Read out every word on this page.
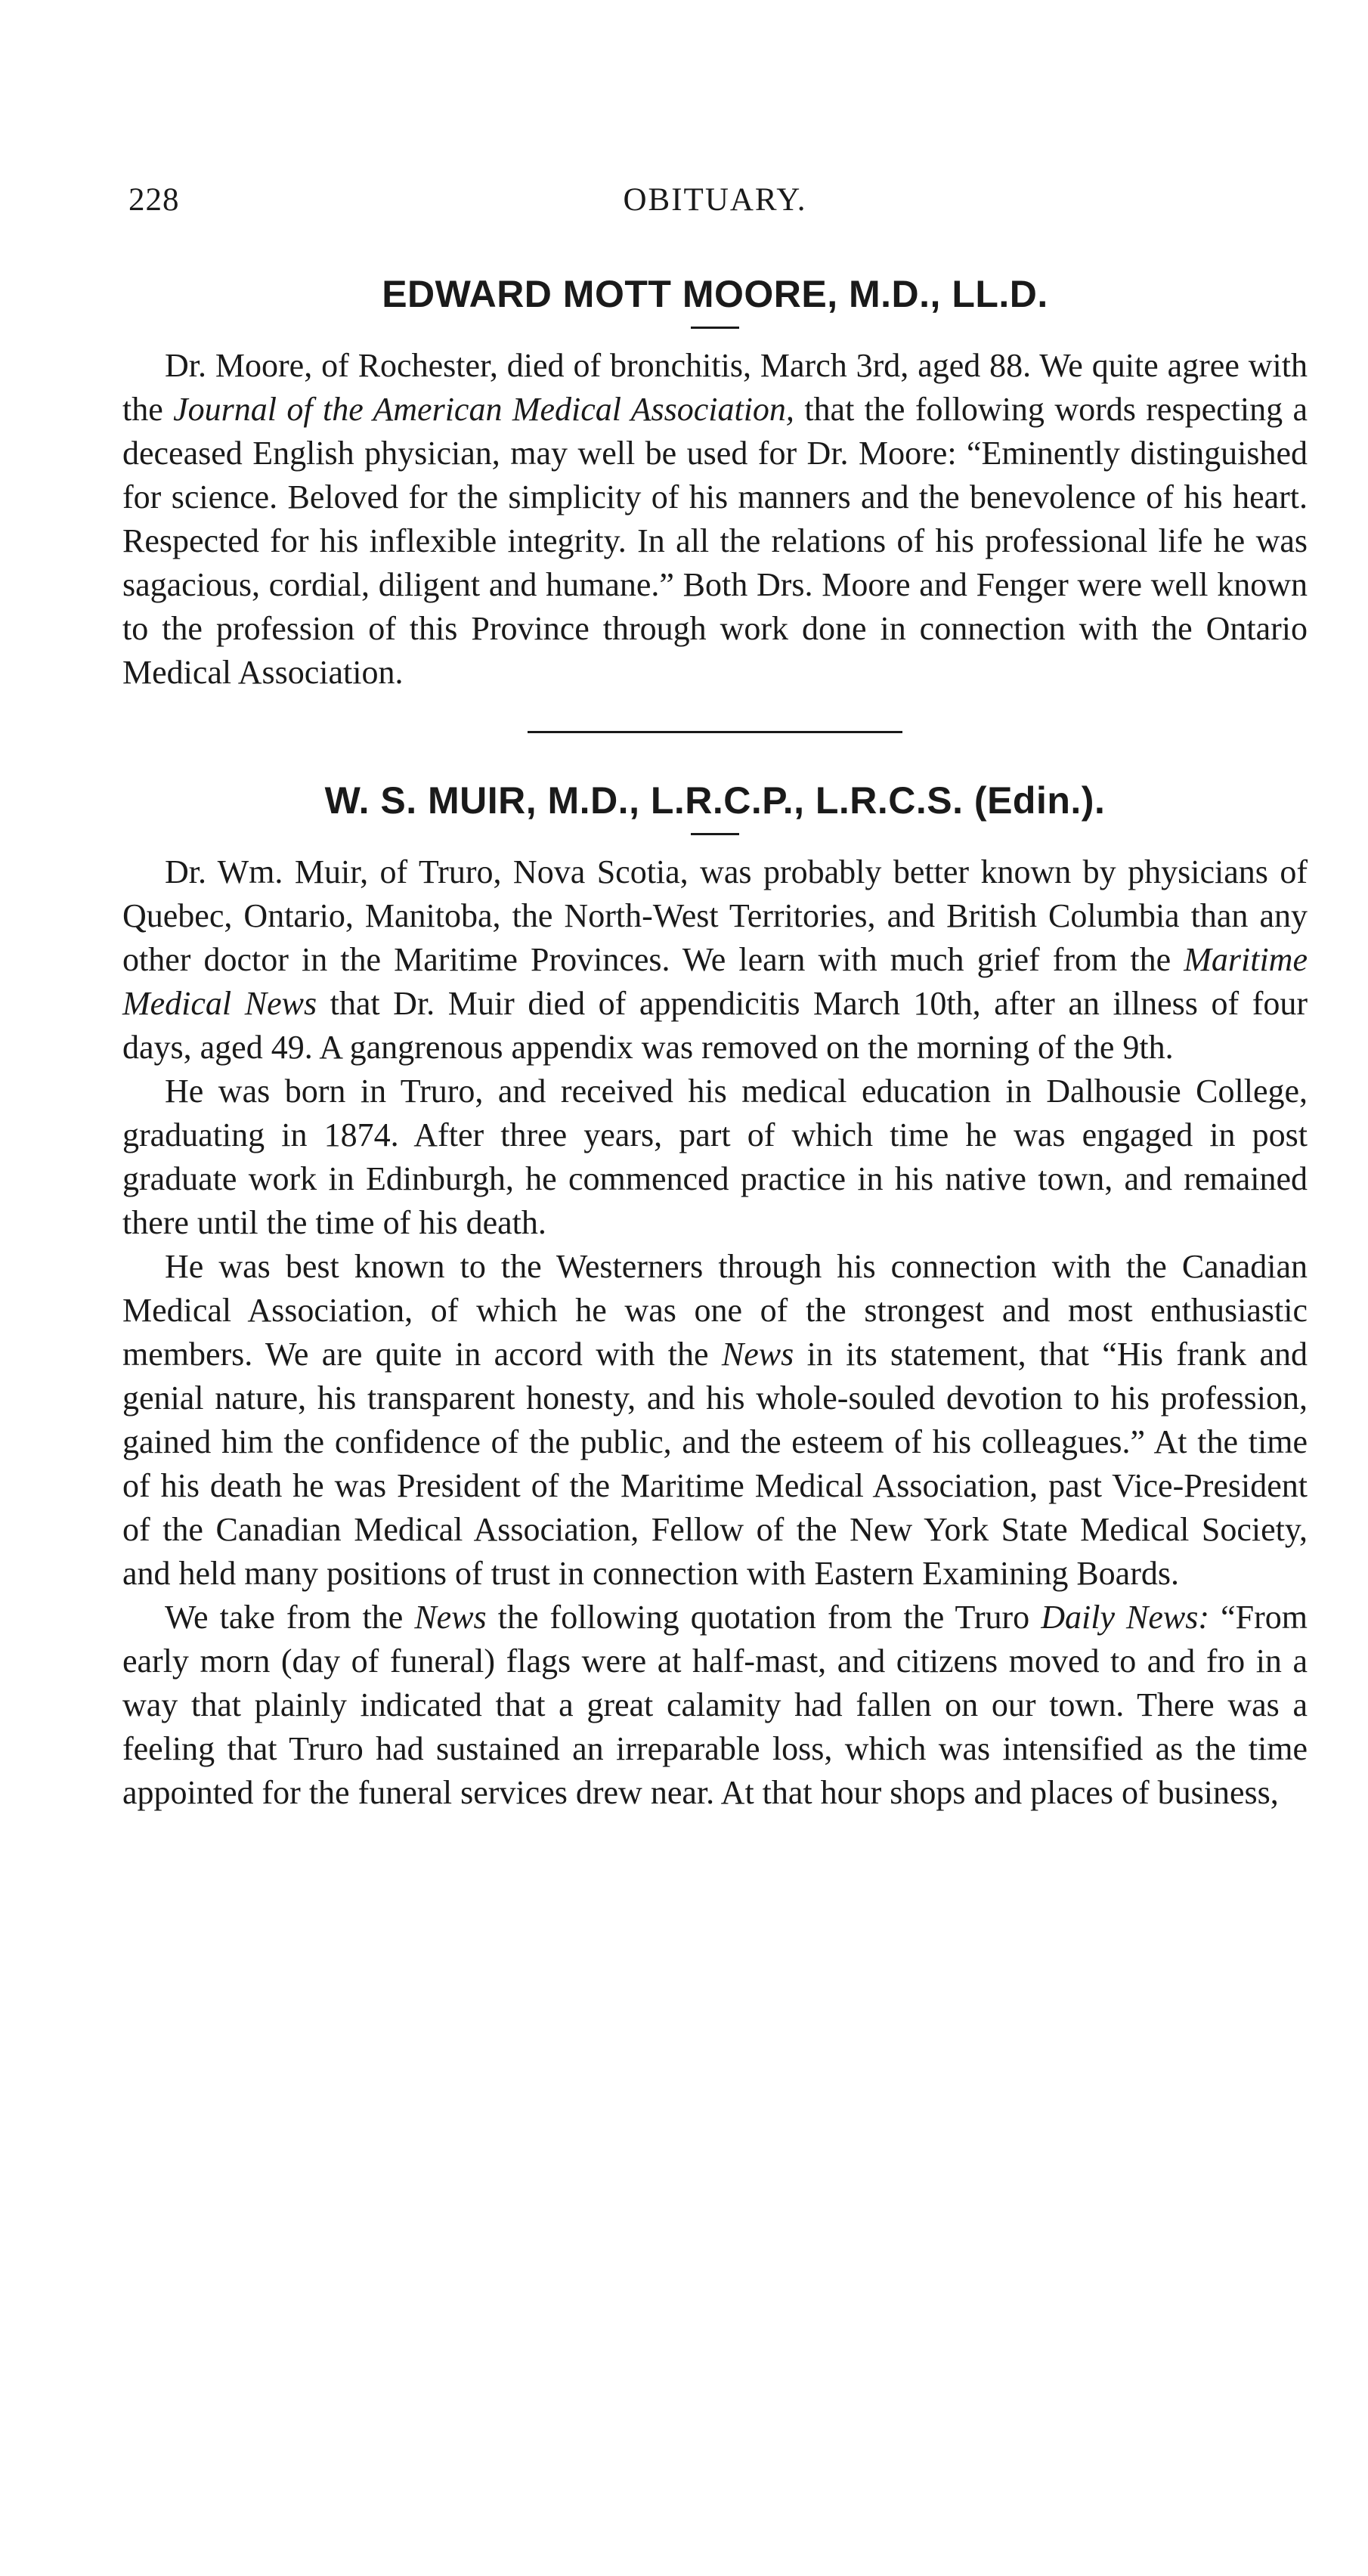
228	OBITUARY.
EDWARD MOTT MOORE, M.D., LL.D.

Dr. Moore, of Rochester, died of bronchitis, March 3rd, aged 88. We quite agree with the Journal of the American Medical Association, that the following words respecting a deceased English physician, may well be used for Dr. Moore: “Eminently distinguished for science. Beloved for the simplicity of his manners and the benevolence of his heart. Respected for his inflexible integrity. In all the relations of his professional life he was sagacious, cordial, diligent and humane.” Both Drs. Moore and Fenger were well known to the profession of this Province through work done in connection with the Ontario Medical Association.

W. S. MUIR, M.D., L.R.C.P., L.R.C.S. (Edin.).

Dr. Wm. Muir, of Truro, Nova Scotia, was probably better known by physicians of Quebec, Ontario, Manitoba, the North-West Territories, and British Columbia than any other doctor in the Maritime Provinces. We learn with much grief from the Maritime Medical News that Dr. Muir died of appendicitis March 10th, after an illness of four days, aged 49. A gangrenous appendix was removed on the morning of the 9th.

He was born in Truro, and received his medical education in Dalhousie College, graduating in 1874. After three years, part of which time he was engaged in post graduate work in Edinburgh, he commenced practice in his native town, and remained there until the time of his death.

He was best known to the Westerners through his connection with the Canadian Medical Association, of which he was one of the strongest and most enthusiastic members. We are quite in accord with the News in its statement, that “His frank and genial nature, his transparent honesty, and his whole-souled devotion to his profession, gained him the confidence of the public, and the esteem of his colleagues.” At the time of his death he was President of the Maritime Medical Association, past Vice-President of the Canadian Medical Association, Fellow of the New York State Medical Society, and held many positions of trust in connection with Eastern Examining Boards.

We take from the News the following quotation from the Truro Daily News: “From early morn (day of funeral) flags were at half-mast, and citizens moved to and fro in a way that plainly indicated that a great calamity had fallen on our town. There was a feeling that Truro had sustained an irreparable loss, which was intensified as the time appointed for the funeral services drew near. At that hour shops and places of business,
